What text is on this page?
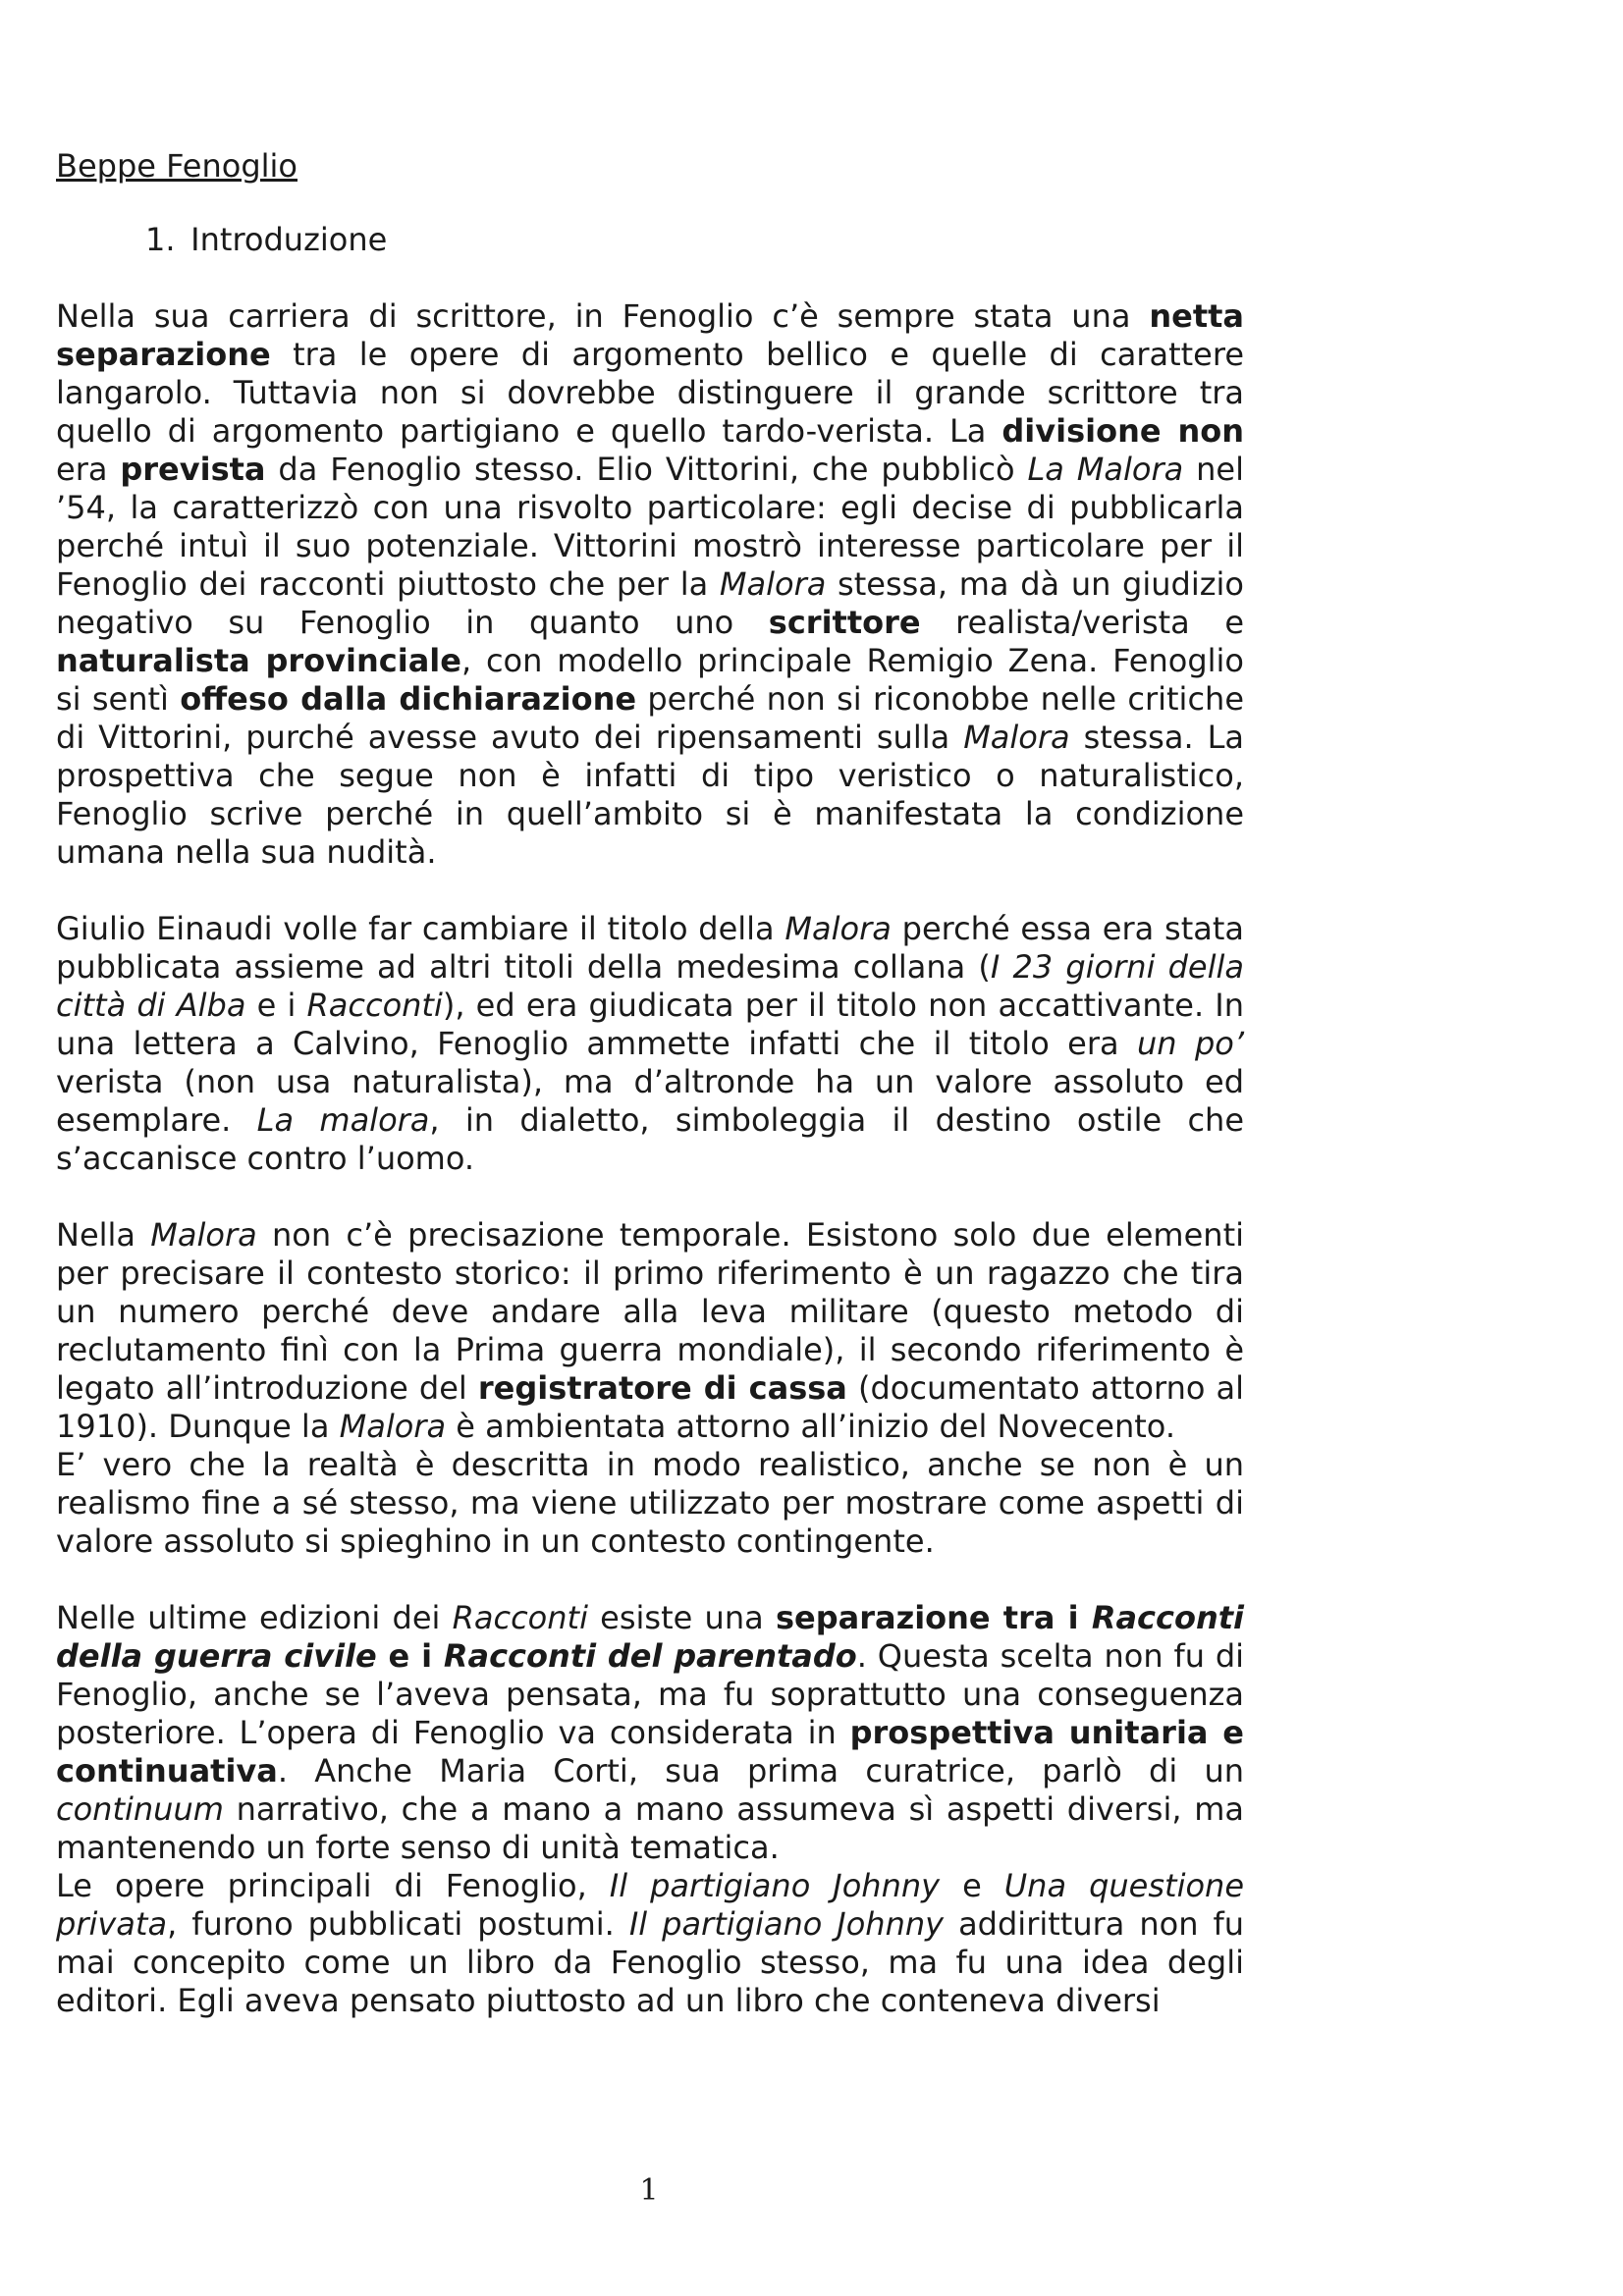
Beppe Fenoglio

1. Introduzione

Nella sua carriera di scrittore, in Fenoglio c’è sempre stata una netta separazione tra le opere di argomento bellico e quelle di carattere langarolo. Tuttavia non si dovrebbe distinguere il grande scrittore tra quello di argomento partigiano e quello tardo-verista. La divisione non era prevista da Fenoglio stesso. Elio Vittorini, che pubblicò La Malora nel ’54, la caratterizzò con una risvolto particolare: egli decise di pubblicarla perché intuì il suo potenziale. Vittorini mostrò interesse particolare per il Fenoglio dei racconti piuttosto che per la Malora stessa, ma dà un giudizio negativo su Fenoglio in quanto uno scrittore realista/verista e naturalista provinciale, con modello principale Remigio Zena. Fenoglio si sentì offeso dalla dichiarazione perché non si riconobbe nelle critiche di Vittorini, purché avesse avuto dei ripensamenti sulla Malora stessa. La prospettiva che segue non è infatti di tipo veristico o naturalistico, Fenoglio scrive perché in quell’ambito si è manifestata la condizione umana nella sua nudità.

Giulio Einaudi volle far cambiare il titolo della Malora perché essa era stata pubblicata assieme ad altri titoli della medesima collana (I 23 giorni della città di Alba e i Racconti), ed era giudicata per il titolo non accattivante. In una lettera a Calvino, Fenoglio ammette infatti che il titolo era un po’ verista (non usa naturalista), ma d’altronde ha un valore assoluto ed esemplare. La malora, in dialetto, simboleggia il destino ostile che s’accanisce contro l’uomo.

Nella Malora non c’è precisazione temporale. Esistono solo due elementi per precisare il contesto storico: il primo riferimento è un ragazzo che tira un numero perché deve andare alla leva militare (questo metodo di reclutamento finì con la Prima guerra mondiale), il secondo riferimento è legato all’introduzione del registratore di cassa (documentato attorno al 1910). Dunque la Malora è ambientata attorno all’inizio del Novecento.

E’ vero che la realtà è descritta in modo realistico, anche se non è un realismo fine a sé stesso, ma viene utilizzato per mostrare come aspetti di valore assoluto si spieghino in un contesto contingente.

Nelle ultime edizioni dei Racconti esiste una separazione tra i Racconti della guerra civile e i Racconti del parentado. Questa scelta non fu di Fenoglio, anche se l’aveva pensata, ma fu soprattutto una conseguenza posteriore. L’opera di Fenoglio va considerata in prospettiva unitaria e continuativa. Anche Maria Corti, sua prima curatrice, parlò di un continuum narrativo, che a mano a mano assumeva sì aspetti diversi, ma mantenendo un forte senso di unità tematica.

Le opere principali di Fenoglio, Il partigiano Johnny e Una questione privata, furono pubblicati postumi. Il partigiano Johnny addirittura non fu mai concepito come un libro da Fenoglio stesso, ma fu una idea degli editori. Egli aveva pensato piuttosto ad un libro che conteneva diversi

1
